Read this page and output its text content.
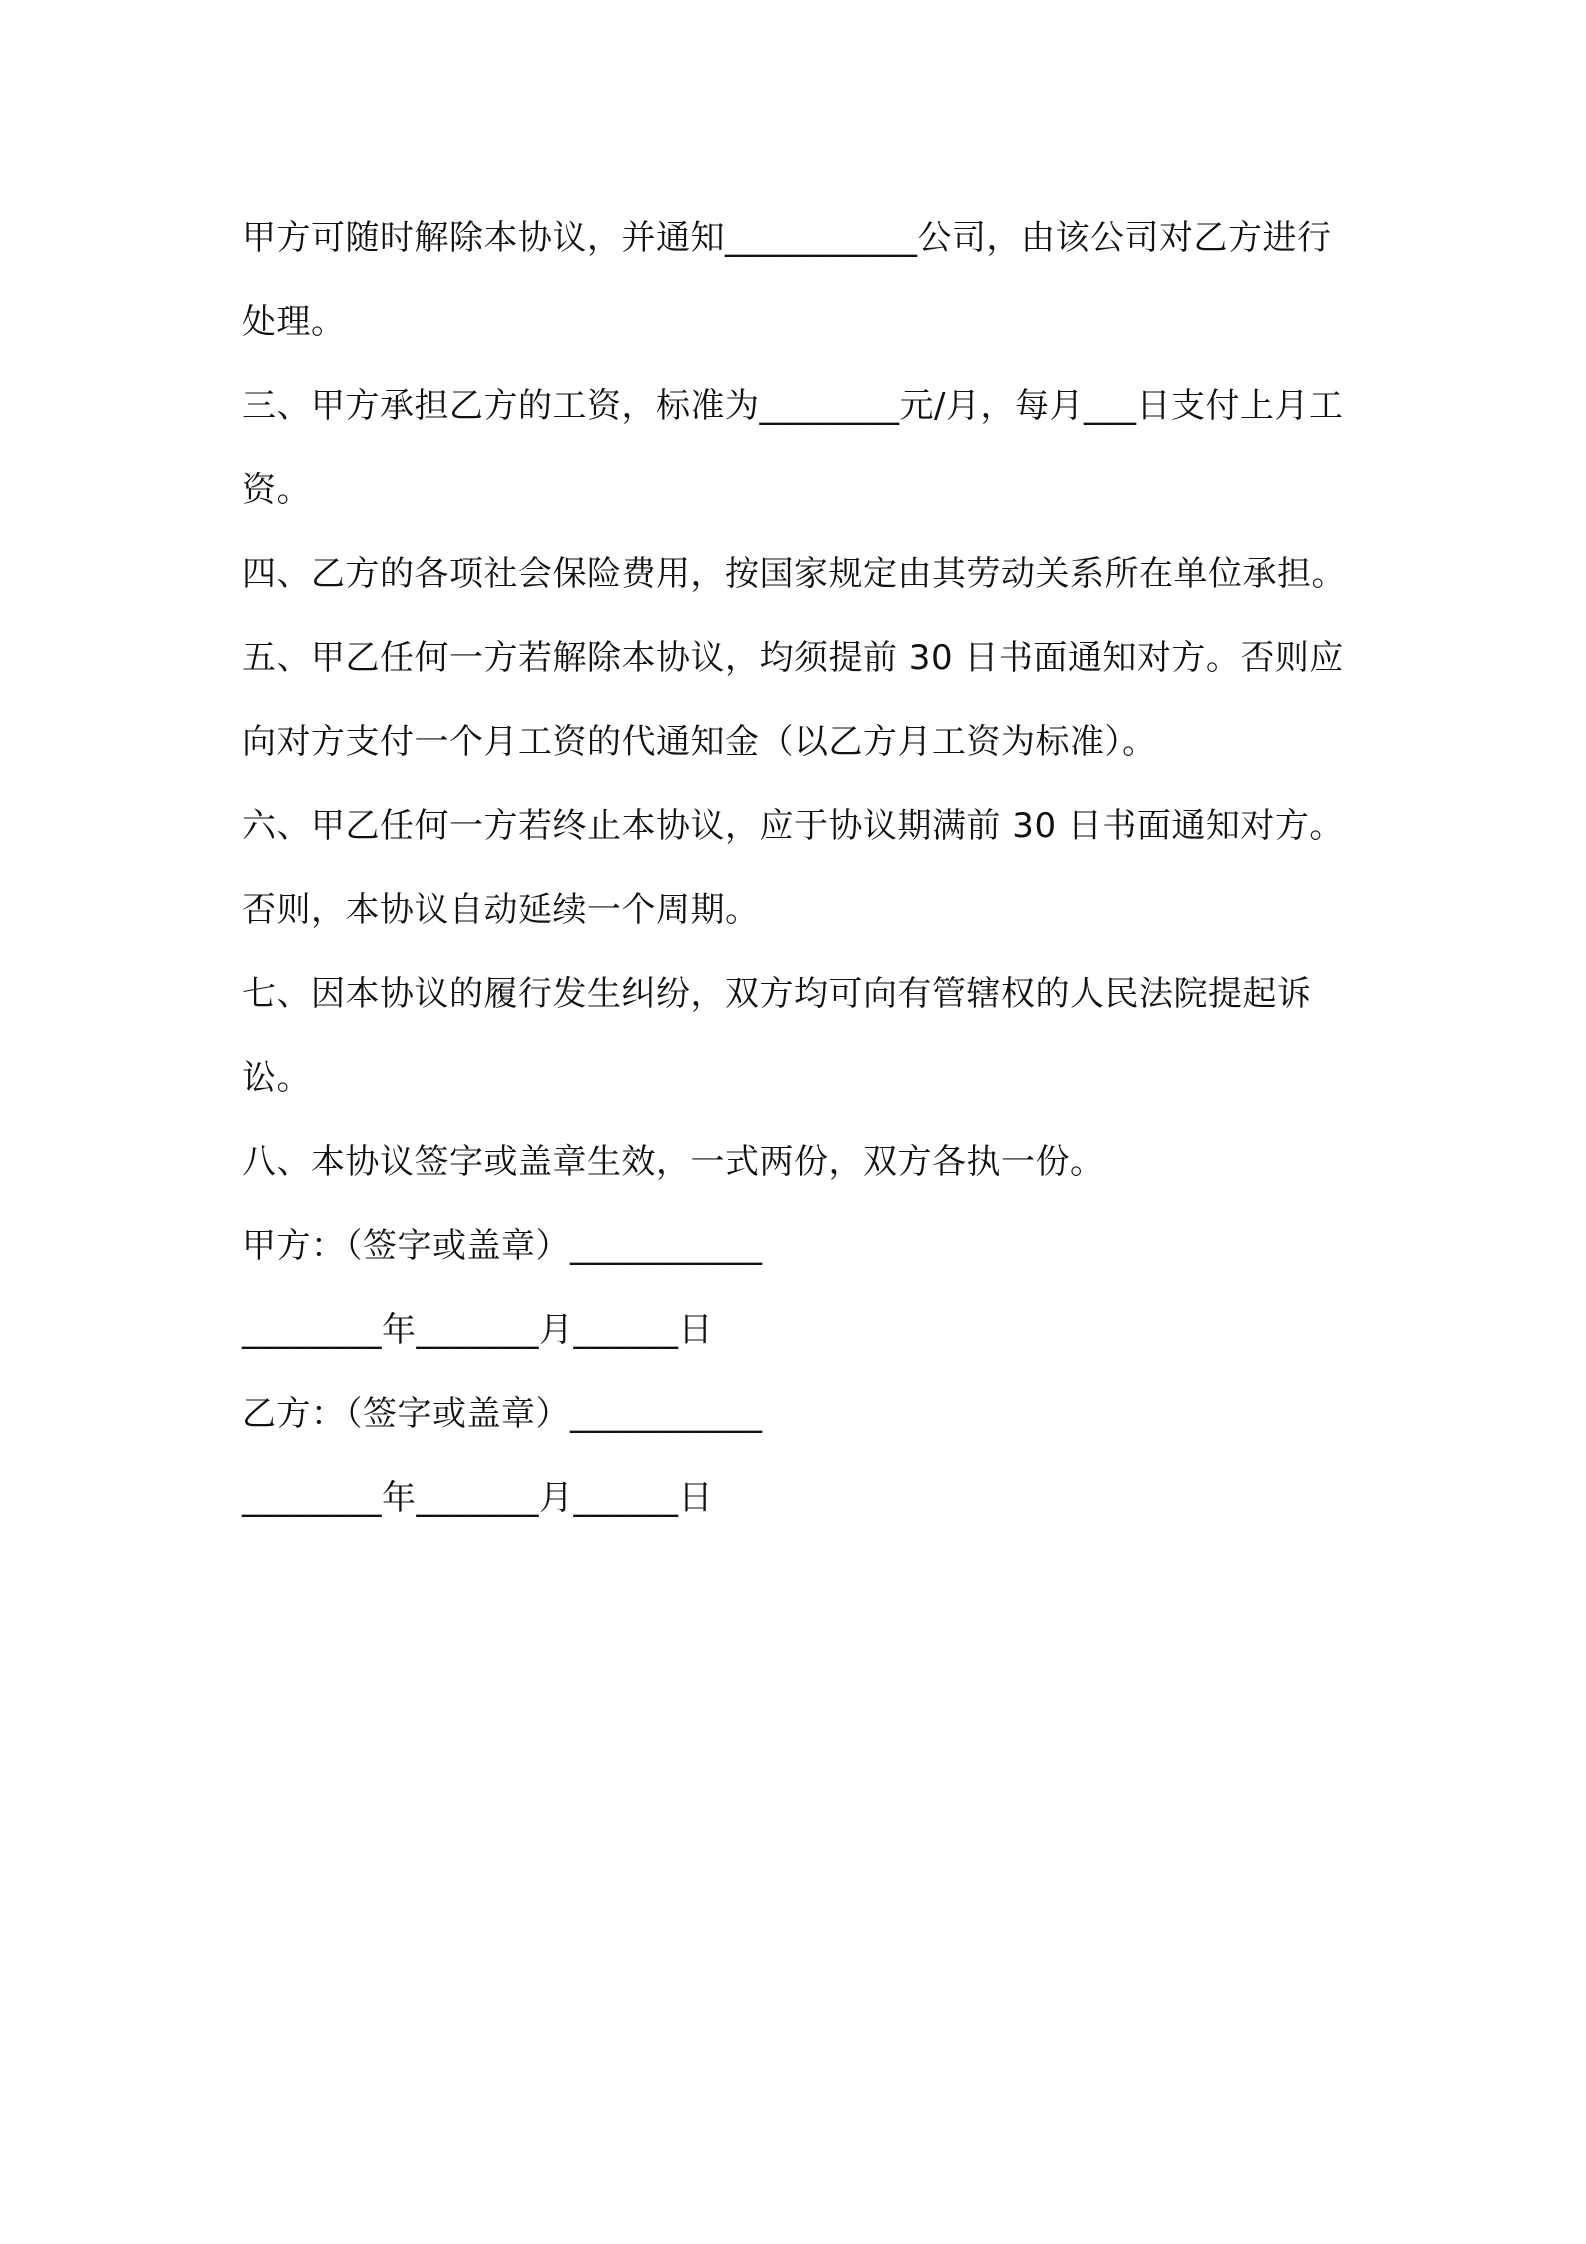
甲方可随时解除本协议，并通知___________公司，由该公司对乙方进行处理。

三、甲方承担乙方的工资，标准为________元/月，每月___日支付上月工资。

四、乙方的各项社会保险费用，按国家规定由其劳动关系所在单位承担。

五、甲乙任何一方若解除本协议，均须提前 30 日书面通知对方。否则应向对方支付一个月工资的代通知金（以乙方月工资为标准）。

六、甲乙任何一方若终止本协议，应于协议期满前 30 日书面通知对方。否则，本协议自动延续一个周期。

七、因本协议的履行发生纠纷，双方均可向有管辖权的人民法院提起诉讼。

八、本协议签字或盖章生效，一式两份，双方各执一份。

甲方：（签字或盖章）___________

________年_______月______日

乙方：（签字或盖章）___________

________年_______月______日
